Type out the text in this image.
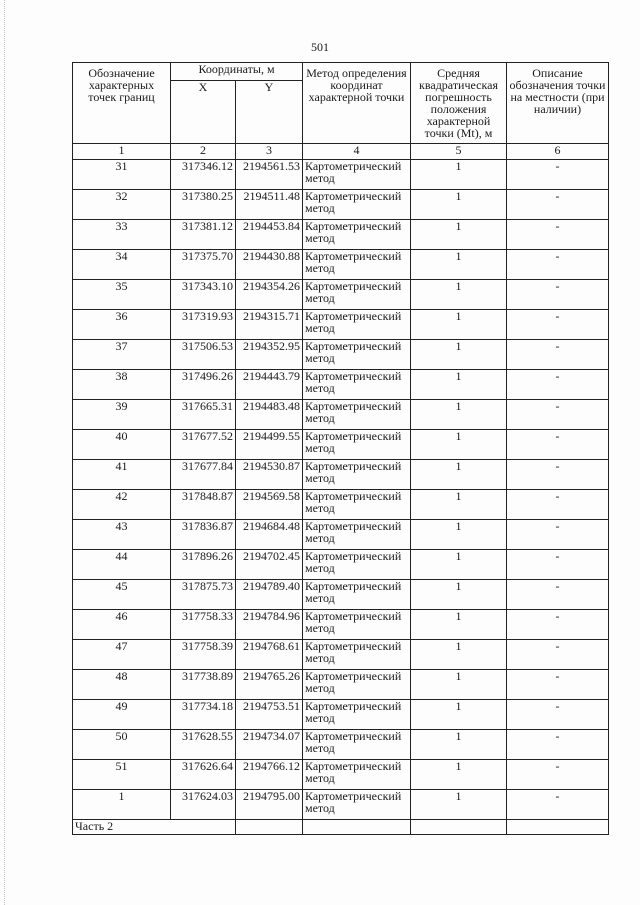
501
Обозначение характерных точек границ	Координаты, м		Метод определения координат характерной точки	Средняя квадратическая погрешность положения характерной точки (Mt), м	Описание обозначения точки на местности (при наличии)
	X	Y			
1	2	3	4	5	6
31	317346.12	2194561.53	Картометрический метод	1	-
32	317380.25	2194511.48	Картометрический метод	1	-
33	317381.12	2194453.84	Картометрический метод	1	-
34	317375.70	2194430.88	Картометрический метод	1	-
35	317343.10	2194354.26	Картометрический метод	1	-
36	317319.93	2194315.71	Картометрический метод	1	-
37	317506.53	2194352.95	Картометрический метод	1	-
38	317496.26	2194443.79	Картометрический метод	1	-
39	317665.31	2194483.48	Картометрический метод	1	-
40	317677.52	2194499.55	Картометрический метод	1	-
41	317677.84	2194530.87	Картометрический метод	1	-
42	317848.87	2194569.58	Картометрический метод	1	-
43	317836.87	2194684.48	Картометрический метод	1	-
44	317896.26	2194702.45	Картометрический метод	1	-
45	317875.73	2194789.40	Картометрический метод	1	-
46	317758.33	2194784.96	Картометрический метод	1	-
47	317758.39	2194768.61	Картометрический метод	1	-
48	317738.89	2194765.26	Картометрический метод	1	-
49	317734.18	2194753.51	Картометрический метод	1	-
50	317628.55	2194734.07	Картометрический метод	1	-
51	317626.64	2194766.12	Картометрический метод	1	-
1	317624.03	2194795.00	Картометрический метод	1	-
Часть 2					
